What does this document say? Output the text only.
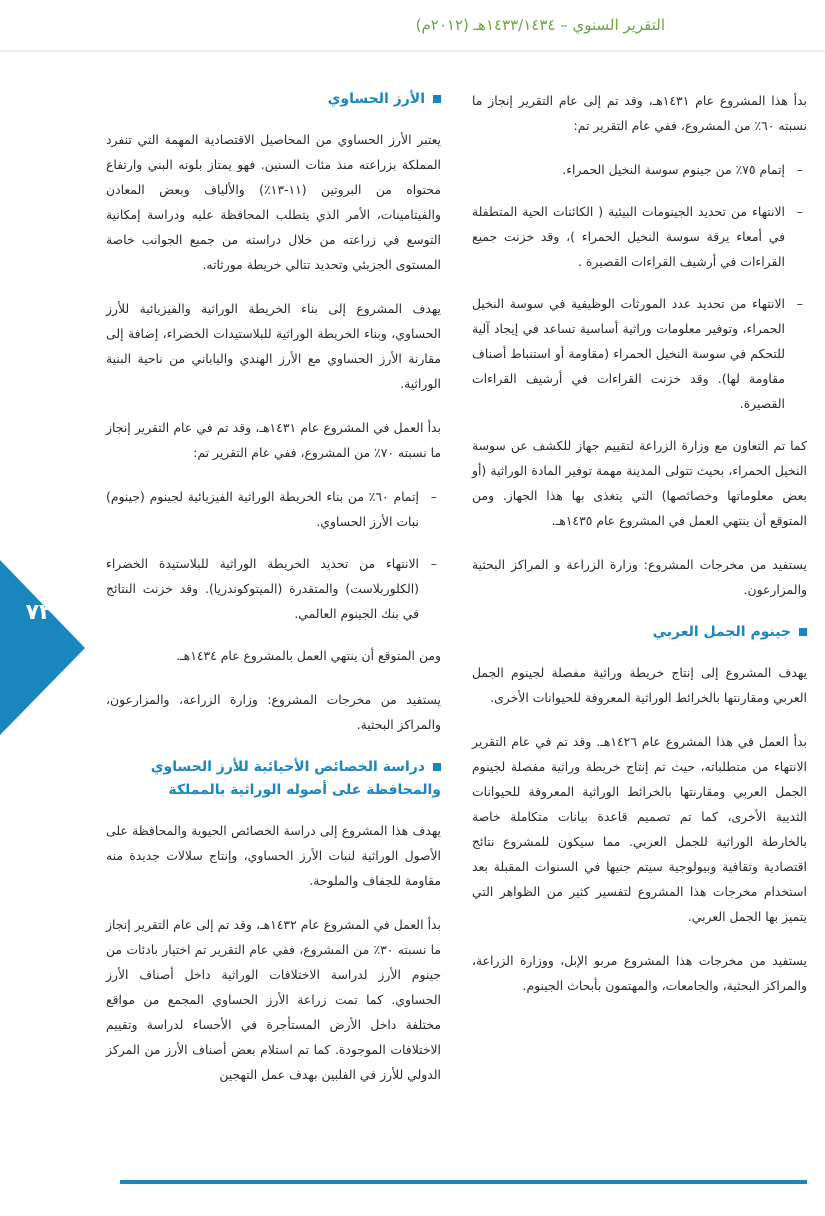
التقرير السنوي – ١٤٣٣/١٤٣٤هـ (٢٠١٢م)
٧٣

بدأ هذا المشروع عام ١٤٣١هـ، وقد تم إلى عام التقرير إنجاز ما نسبته ٦٠٪ من المشروع، ففي عام التقرير تم:

–
إتمام ٧٥٪ من جينوم سوسة النخيل الحمراء.
–
الانتهاء من تحديد الجينومات البيئية ( الكائنات الحية المتطفلة في أمعاء يرقة سوسة النخيل الحمراء )، وقد خزنت جميع القراءات في أرشيف القراءات القصيرة .
–
الانتهاء من تحديد عدد المورثات الوظيفية في سوسة النخيل الحمراء، وتوفير معلومات وراثية أساسية تساعد في إيجاد آلية للتحكم في سوسة النخيل الحمراء (مقاومة أو استنباط أصناف مقاومة لها). وقد خزنت القراءات في أرشيف القراءات القصيرة.

كما تم التعاون مع وزارة الزراعة لتقييم جهاز للكشف عن سوسة النخيل الحمراء، بحيث تتولى المدينة مهمة توفير المادة الوراثية (أو بعض معلوماتها وخصائصها) التي يتغذى بها هذا الجهاز. ومن المتوقع أن ينتهي العمل في المشروع عام ١٤٣٥هـ.

يستفيد من مخرجات المشروع: وزارة الزراعة و المراكز البحثية والمزارعون.

جينوم الجمل العربي

يهدف المشروع إلى إنتاج خريطة وراثية مفصلة لجينوم الجمل العربي ومقارنتها بالخرائط الوراثية المعروفة للحيوانات الأخرى.

بدأ العمل في هذا المشروع عام ١٤٢٦هـ. وقد تم في عام التقرير الانتهاء من متطلباته، حيث تم إنتاج خريطة وراثية مفصلة لجينوم الجمل العربي ومقارنتها بالخرائط الوراثية المعروفة للحيوانات الثديية الأخرى، كما تم تصميم قاعدة بيانات متكاملة خاصة بالخارطة الوراثية للجمل العربي. مما سيكون للمشروع نتائج اقتصادية وثقافية وبيولوجية سيتم جنيها في السنوات المقبلة بعد استخدام مخرجات هذا المشروع لتفسير كثير من الظواهر التي يتميز بها الجمل العربي.

يستفيد من مخرجات هذا المشروع مربو الإبل، ووزارة الزراعة، والمراكز البحثية، والجامعات، والمهتمون بأبحاث الجينوم.

الأرز الحساوي

يعتبر الأرز الحساوي من المحاصيل الاقتصادية المهمة التي تنفرد المملكة بزراعته منذ مئات السنين. فهو يمتاز بلونه البني وارتفاع محتواه من البروتين (١١-١٣٪) والألياف وبعض المعادن والفيتامينات، الأمر الذي يتطلب المحافظة عليه ودراسة إمكانية التوسع في زراعته من خلال دراسته من جميع الجوانب خاصة المستوى الجزيئي وتحديد تتالي خريطة مورثاته.

يهدف المشروع إلى بناء الخريطة الوراثية والفيزيائية للأرز الحساوي، وبناء الخريطة الوراثية للبلاستيدات الخضراء، إضافة إلى مقارنة الأرز الحساوي مع الأرز الهندي والياباني من ناحية البنية الوراثية.

بدأ العمل في المشروع عام ١٤٣١هـ، وقد تم في عام التقرير إنجاز ما نسبته ٧٠٪ من المشروع، ففي عام التقرير تم:

–
إتمام ٦٠٪ من بناء الخريطة الوراثية الفيزيائية لجينوم (جينوم) نبات الأرز الحساوي.
–
الانتهاء من تحديد الخريطة الوراثية للبلاستيدة الخضراء (الكلوربلاست) والمتقدرة (الميتوكوندريا). وقد خزنت النتائج في بنك الجينوم العالمي.

ومن المتوقع أن ينتهي العمل بالمشروع عام ١٤٣٤هـ.

يستفيد من مخرجات المشروع: وزارة الزراعة، والمزارعون، والمراكز البحثية.

دراسة الخصائص الأحيائية للأرز الحساوي والمحافظة على أصوله الوراثية بالمملكة

يهدف هذا المشروع إلى دراسة الخصائص الحيوية والمحافظة على الأصول الوراثية لنبات الأرز الحساوي، وإنتاج سلالات جديدة منه مقاومة للجفاف والملوحة.

بدأ العمل في المشروع عام ١٤٣٢هـ، وقد تم إلى عام التقرير إنجاز ما نسبته ٣٠٪ من المشروع، ففي عام التقرير تم اختيار بادئات من جينوم الأرز لدراسة الاختلافات الوراثية داخل أصناف الأرز الحساوي. كما تمت زراعة الأرز الحساوي المجمع من مواقع مختلفة داخل الأرض المستأجرة في الأحساء لدراسة وتقييم الاختلافات الموجودة. كما تم استلام بعض أصناف الأرز من المركز الدولي للأرز في الفلبين بهدف عمل التهجين
